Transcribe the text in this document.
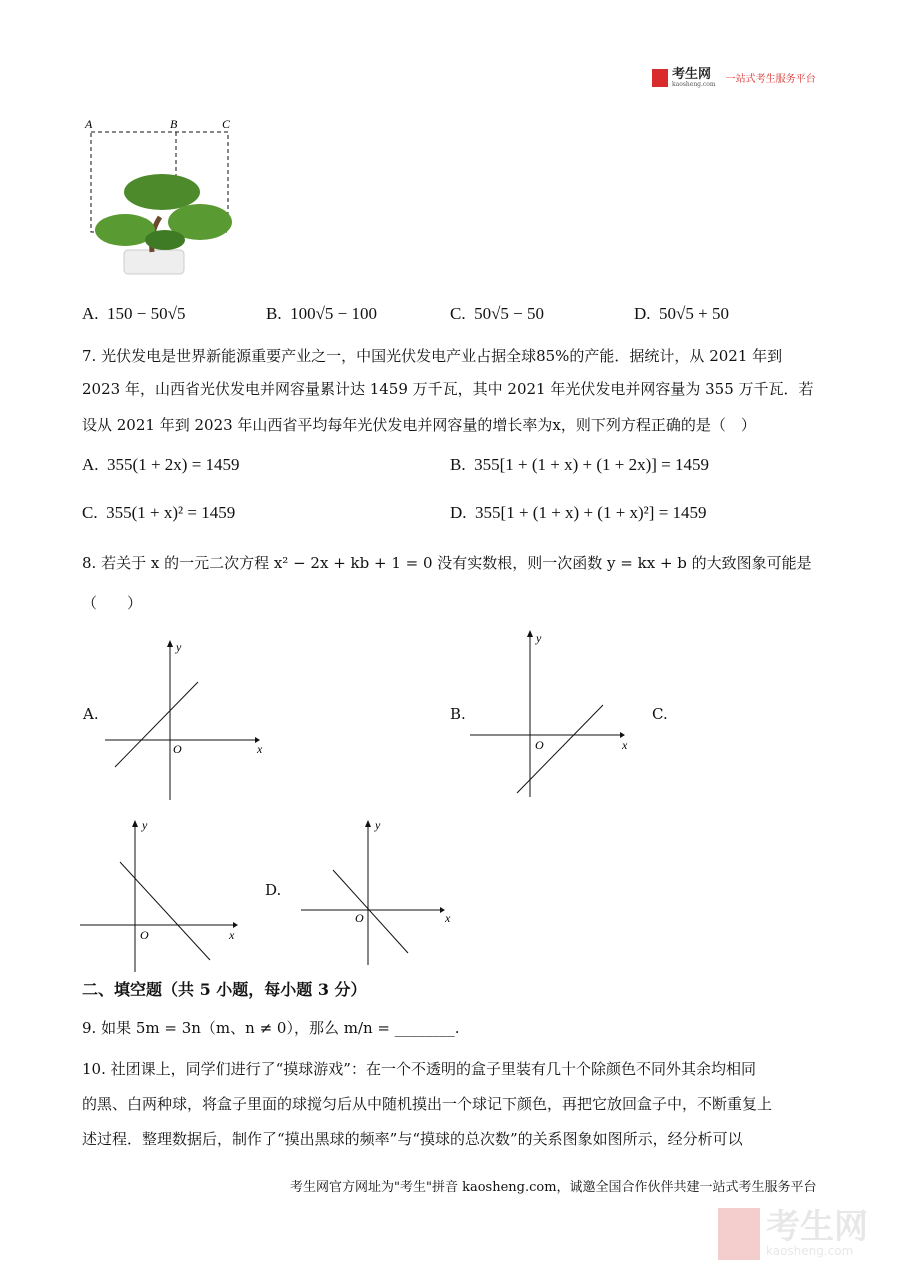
考生网
kaosheng.com 一站式考生服务平台
A	B	C
A. 150 − 50√5	B. 100√5 − 100	C. 50√5 − 50	D. 50√5 + 50
7. 光伏发电是世界新能源重要产业之一，中国光伏发电产业占据全球85%的产能．据统计，从 2021 年到
2023 年，山西省光伏发电并网容量累计达 1459 万千瓦，其中 2021 年光伏发电并网容量为 355 万千瓦．若
设从 2021 年到 2023 年山西省平均每年光伏发电并网容量的增长率为x，则下列方程正确的是（　）
A. 355(1 + 2x) = 1459	B. 355[1 + (1 + x) + (1 + 2x)] = 1459
C. 355(1 + x)² = 1459	D. 355[1 + (1 + x) + (1 + x)²] = 1459
8. 若关于 x 的一元二次方程 x² − 2x + kb + 1 = 0 没有实数根，则一次函数 y = kx + b 的大致图象可能是
（　　）
A.	B.	C.
D.
x
y
O	x
y
O
x
y
O
x
y
O
二、填空题（共 5 小题，每小题 3 分）
9. 如果 5m = 3n（m、n ≠ 0），那么 m/n = ________.
10. 社团课上，同学们进行了“摸球游戏”：在一个不透明的盒子里装有几十个除颜色不同外其余均相同
的黑、白两种球，将盒子里面的球搅匀后从中随机摸出一个球记下颜色，再把它放回盒子中，不断重复上
述过程．整理数据后，制作了“摸出黑球的频率”与“摸球的总次数”的关系图象如图所示，经分析可以
考生网官方网址为"考生"拼音 kaosheng.com，诚邀全国合作伙伴共建一站式考生服务平台
考生网
kaosheng.com
